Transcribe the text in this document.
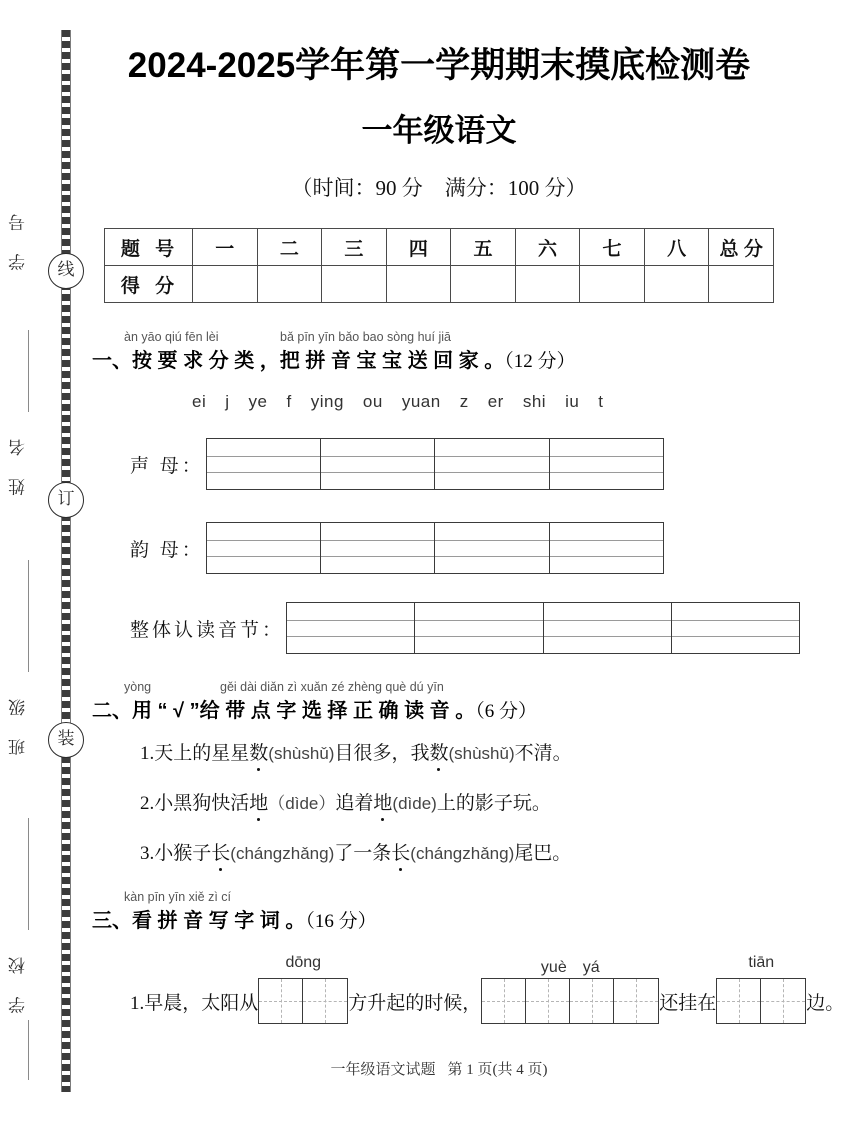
线
订
装
学 号
姓 名
班 级
学 校
2024-2025学年第一学期期末摸底检测卷
一年级语文
（时间：90 分 满分：100 分）
题 号	一	二	三	四	五	六	七	八	总 分
得 分									
àn yāo qiú fēn lèi	bǎ pīn yīn bǎo bao sòng huí jiā
一、按 要 求 分 类 ，把 拼 音 宝 宝 送 回 家 。（12 分）
ei j ye f ying ou yuan z er shi iu t
声 母：
韵 母：
整体认读音节：
yòng	gěi dài diǎn zì xuǎn zé zhèng què dú yīn
二、用 “ √ ”给 带 点 字 选 择 正 确 读 音 。（6 分）
1.天上的星星数(shùshǔ)目很多，我数(shùshǔ)不清。
2.小黑狗快活地（dìde）追着地(dìde)上的影子玩。
3.小猴子长(chángzhǎng)了一条长(chángzhǎng)尾巴。
kàn pīn yīn xiě zì cí
三、看 拼 音 写 字 词 。（16 分）
1. 早晨，太阳从
dōng
方升起的时候，
yuè　yá
还挂在
tiān
边。
一年级语文试题 第 1 页(共 4 页)
